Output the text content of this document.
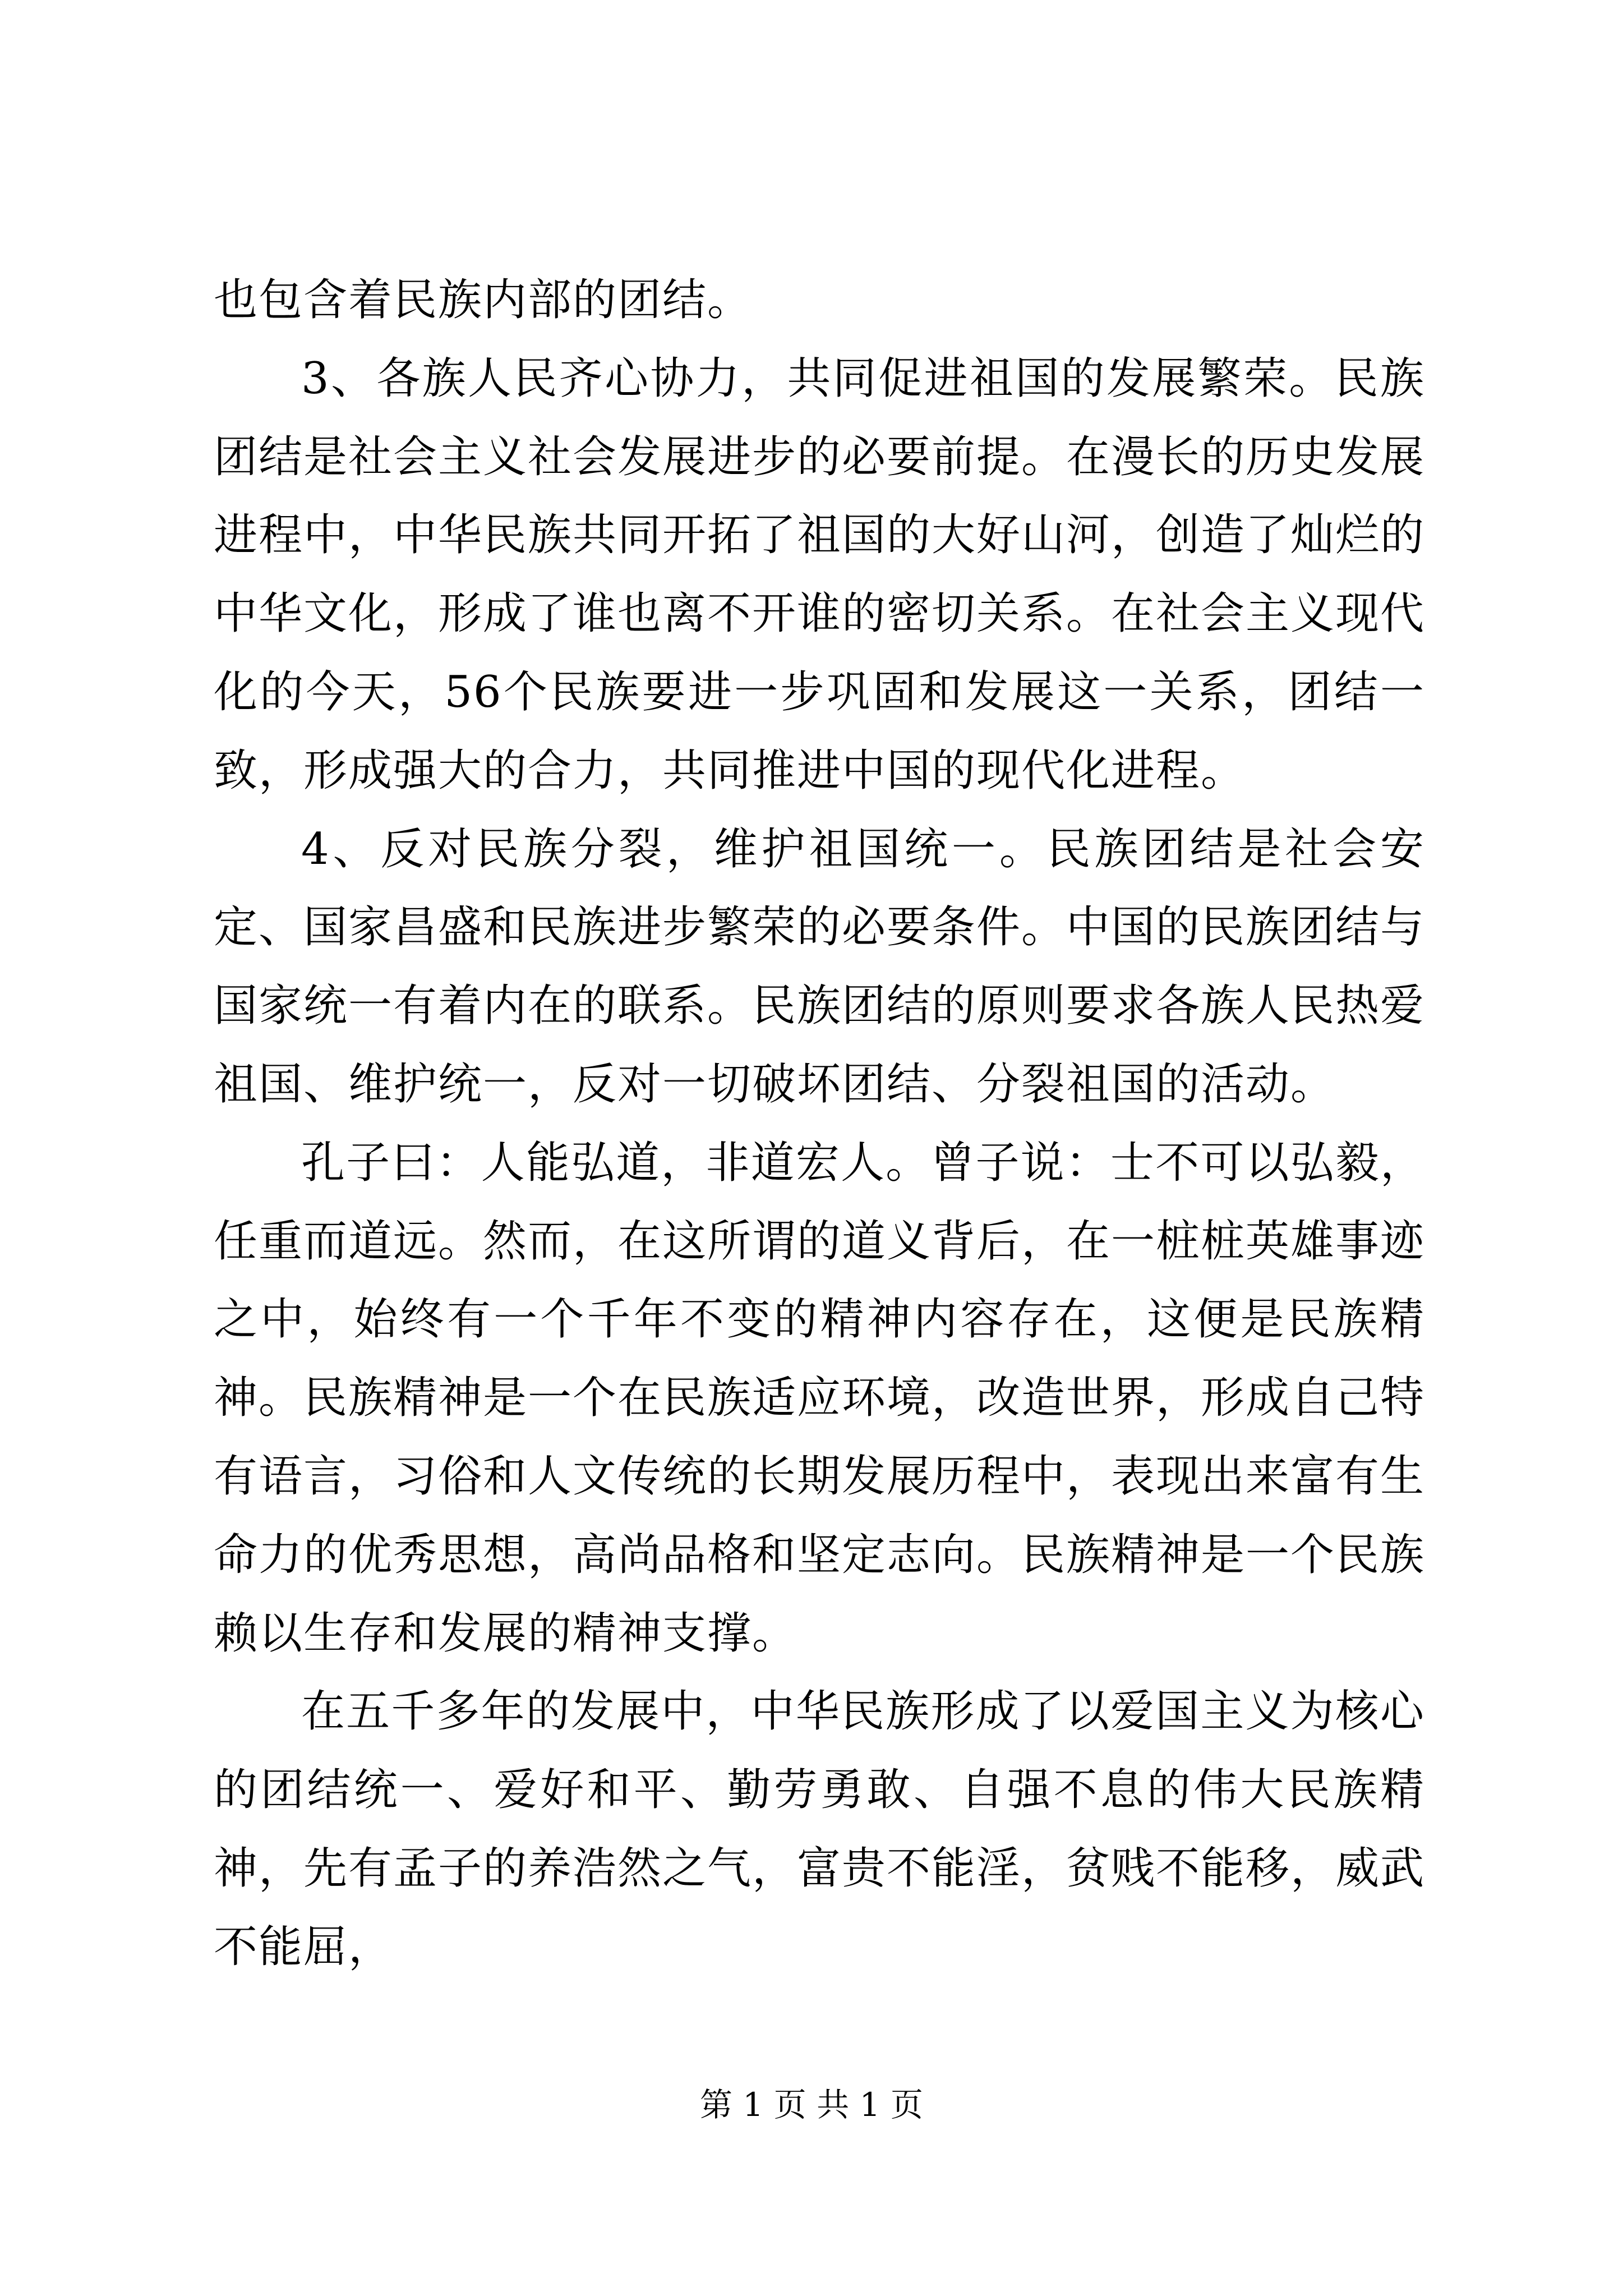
也包含着民族内部的团结。

3、各族人民齐心协力，共同促进祖国的发展繁荣。民族团结是社会主义社会发展进步的必要前提。在漫长的历史发展进程中，中华民族共同开拓了祖国的大好山河，创造了灿烂的中华文化，形成了谁也离不开谁的密切关系。在社会主义现代化的今天，56个民族要进一步巩固和发展这一关系，团结一致，形成强大的合力，共同推进中国的现代化进程。

4、反对民族分裂，维护祖国统一。民族团结是社会安定、国家昌盛和民族进步繁荣的必要条件。中国的民族团结与国家统一有着内在的联系。民族团结的原则要求各族人民热爱祖国、维护统一，反对一切破坏团结、分裂祖国的活动。

孔子曰：人能弘道，非道宏人。曾子说：士不可以弘毅，任重而道远。然而，在这所谓的道义背后，在一桩桩英雄事迹之中，始终有一个千年不变的精神内容存在，这便是民族精神。民族精神是一个在民族适应环境，改造世界，形成自己特有语言，习俗和人文传统的长期发展历程中，表现出来富有生命力的优秀思想，高尚品格和坚定志向。民族精神是一个民族赖以生存和发展的精神支撑。

在五千多年的发展中，中华民族形成了以爱国主义为核心的团结统一、爱好和平、勤劳勇敢、自强不息的伟大民族精神，先有孟子的养浩然之气，富贵不能淫，贫贱不能移，威武不能屈，

第 1 页 共 1 页
